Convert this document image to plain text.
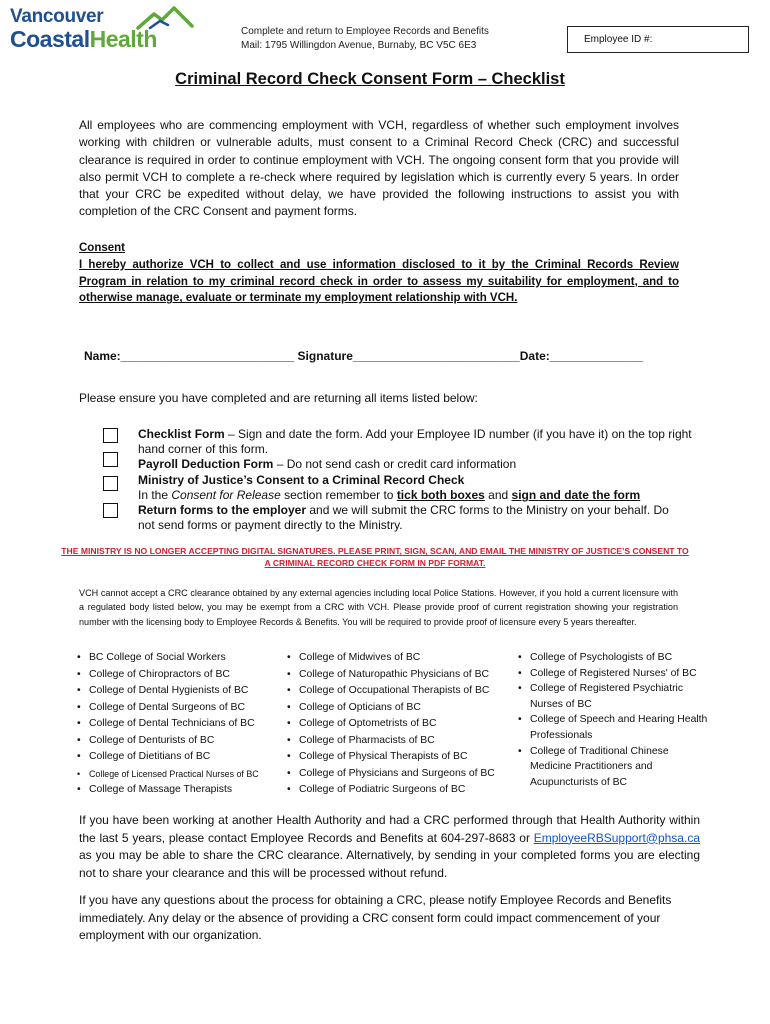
Vancouver
CoastalHealth	Complete and return to Employee Records and Benefits
Mail: 1795 Willingdon Avenue, Burnaby, BC V5C 6E3
Employee ID #:
Criminal Record Check Consent Form – Checklist
All employees who are commencing employment with VCH, regardless of whether such employment involves working with children or vulnerable adults, must consent to a Criminal Record Check (CRC) and successful clearance is required in order to continue employment with VCH. The ongoing consent form that you provide will also permit VCH to complete a re-check where required by legislation which is currently every 5 years. In order that your CRC be expedited without delay, we have provided the following instructions to assist you with completion of the CRC Consent and payment forms.
Consent
I hereby authorize VCH to collect and use information disclosed to it by the Criminal Records Review Program in relation to my criminal record check in order to assess my suitability for employment, and to otherwise manage, evaluate or terminate my employment relationship with VCH.
Name:__________________________ Signature_________________________Date:______________
Please ensure you have completed and are returning all items listed below:
Checklist Form – Sign and date the form. Add your Employee ID number (if you have it) on the top right hand corner of this form.
Payroll Deduction Form – Do not send cash or credit card information
Ministry of Justice’s Consent to a Criminal Record Check
In the Consent for Release section remember to tick both boxes and sign and date the form
Return forms to the employer and we will submit the CRC forms to the Ministry on your behalf. Do not send forms or payment directly to the Ministry.
THE MINISTRY IS NO LONGER ACCEPTING DIGITAL SIGNATURES. PLEASE PRINT, SIGN, SCAN, AND EMAIL THE MINISTRY OF JUSTICE’S CONSENT TO A CRIMINAL RECORD CHECK FORM IN PDF FORMAT.
VCH cannot accept a CRC clearance obtained by any external agencies including local Police Stations. However, if you hold a current licensure with a regulated body listed below, you may be exempt from a CRC with VCH. Please provide proof of current registration showing your registration number with the licensing body to Employee Records & Benefits. You will be required to provide proof of licensure every 5 years thereafter.
• BC College of Social Workers
• College of Chiropractors of BC
• College of Dental Hygienists of BC
• College of Dental Surgeons of BC
• College of Dental Technicians of BC
• College of Denturists of BC
• College of Dietitians of BC
• College of Licensed Practical Nurses of BC
• College of Massage Therapists
• College of Midwives of BC
• College of Naturopathic Physicians of BC
• College of Occupational Therapists of BC
• College of Opticians of BC
• College of Optometrists of BC
• College of Pharmacists of BC
• College of Physical Therapists of BC
• College of Physicians and Surgeons of BC
• College of Podiatric Surgeons of BC
• College of Psychologists of BC
• College of Registered Nurses' of BC
• College of Registered Psychiatric Nurses of BC
• College of Speech and Hearing Health Professionals
• College of Traditional Chinese Medicine Practitioners and Acupuncturists of BC
If you have been working at another Health Authority and had a CRC performed through that Health Authority within the last 5 years, please contact Employee Records and Benefits at 604-297-8683 or EmployeeRBSupport@phsa.ca as you may be able to share the CRC clearance. Alternatively, by sending in your completed forms you are electing not to share your clearance and this will be processed without refund.
If you have any questions about the process for obtaining a CRC, please notify Employee Records and Benefits immediately. Any delay or the absence of providing a CRC consent form could impact commencement of your employment with our organization.
